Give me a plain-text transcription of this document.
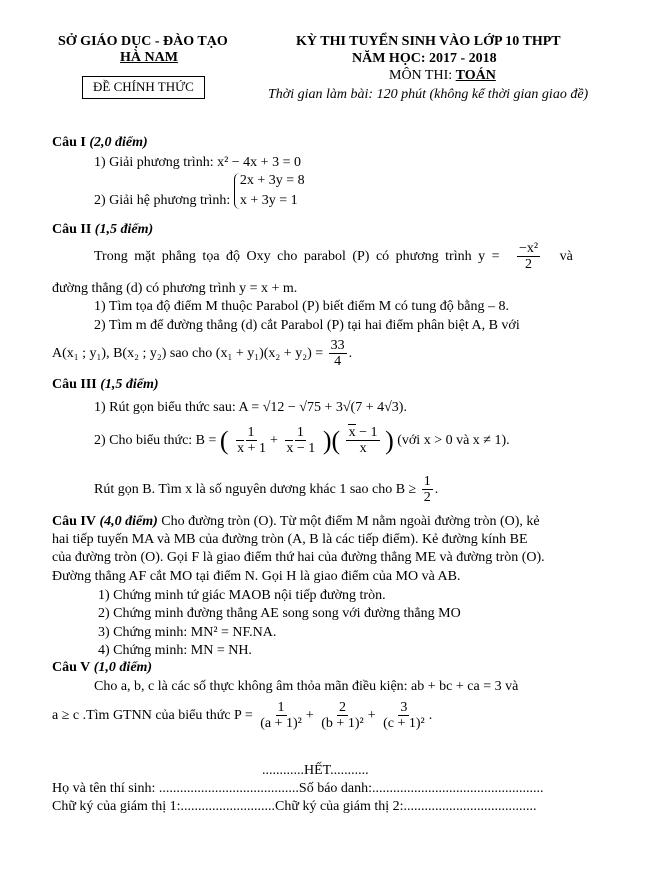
SỞ GIÁO DỤC - ĐÀO TẠO
HÀ NAM
ĐỀ CHÍNH THỨC
KỲ THI TUYỂN SINH VÀO LỚP 10 THPT
NĂM HỌC: 2017 - 2018
MÔN THI: TOÁN
Thời gian làm bài: 120 phút (không kể thời gian giao đề)
Câu I (2,0 điểm)
1) Giải phương trình: x² − 4x + 3 = 0
2) Giải hệ phương trình:
2x + 3y = 8
x + 3y = 1
Câu II (1,5 điểm)
Trong mặt phẳng tọa độ Oxy cho parabol (P) có phương trình $y = \frac{\text{−x²}}{2}$ và
đường thẳng (d) có phương trình y = x + m.
1) Tìm tọa độ điểm M thuộc Parabol (P) biết điểm M có tung độ bằng – 8.
2) Tìm m để đường thẳng (d) cắt Parabol (P) tại hai điểm phân biệt A, B với
A(x₁ ; y₁), B(x₂ ; y₂) sao cho $(x_1 + y_1)(x_2 + y_2) = \frac{33}{4}$ .
Câu III (1,5 điểm)
1) Rút gọn biểu thức sau: A = √12 − √75 + 3√(7 + 4√3).
2) Cho biểu thức: B = ( $\frac{1}{x + 1} + \frac{1}{x - 1}$ )( $\frac{x - 1}{x}$ ) (với x > 0 và x ≠ 1).
Rút gọn B. Tìm x là số nguyên dương khác 1 sao cho $B \ge \frac{1}{2}$ .
Câu IV (4,0 điểm) Cho đường tròn (O). Từ một điểm M nằm ngoài đường tròn (O), kẻ
hai tiếp tuyến MA và MB của đường tròn (A, B là các tiếp điểm). Kẻ đường kính BE
của đường tròn (O). Gọi F là giao điểm thứ hai của đường thẳng ME và đường tròn (O).
Đường thẳng AF cắt MO tại điểm N. Gọi H là giao điểm của MO và AB.
1) Chứng minh tứ giác MAOB nội tiếp đường tròn.
2) Chứng minh đường thẳng AE song song với đường thẳng MO
3) Chứng minh: MN² = NF.NA.
4) Chứng minh: MN = NH.
Câu V (1,0 điểm)
Cho a, b, c là các số thực không âm thỏa mãn điều kiện: ab + bc + ca = 3 và
a ≥ c .Tìm GTNN của biểu thức $P = \frac{1}{\text{(a + 1)²}} + \frac{2}{\text{(b + 1)²}} + \frac{3}{\text{(c + 1)²}}$ .
............HẾT...........
Họ và tên thí sinh: ........................................Số báo danh:.................................................
Chữ ký của giám thị 1:...........................Chữ ký của giám thị 2:......................................
